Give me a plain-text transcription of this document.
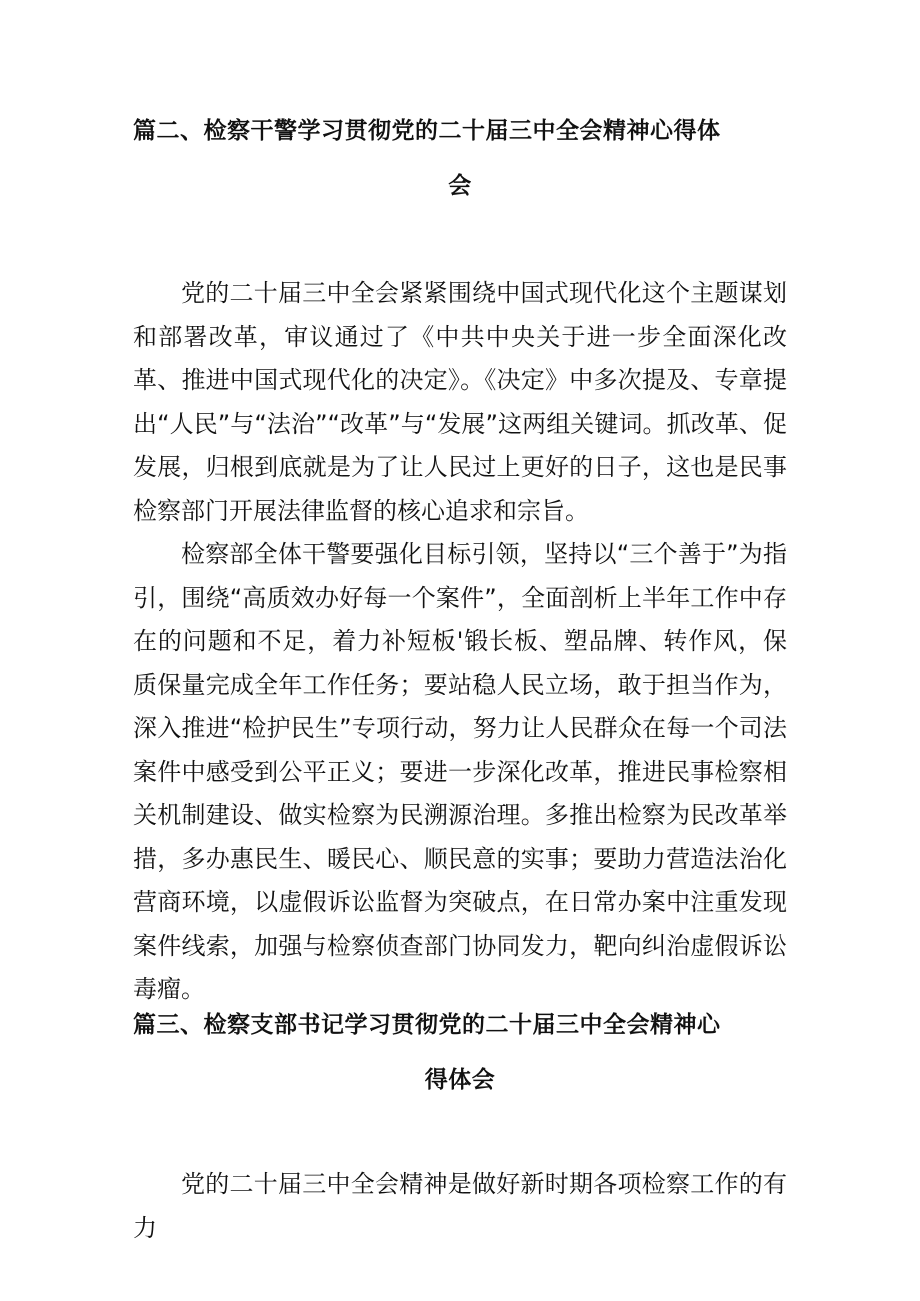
篇二、检察干警学习贯彻党的二十届三中全会精神心得体
会

党的二十届三中全会紧紧围绕中国式现代化这个主题谋划和部署改革，审议通过了《中共中央关于进一步全面深化改革、推进中国式现代化的决定》。《决定》中多次提及、专章提出“人民”与“法治”“改革”与“发展”这两组关键词。抓改革、促发展，归根到底就是为了让人民过上更好的日子，这也是民事检察部门开展法律监督的核心追求和宗旨。

检察部全体干警要强化目标引领，坚持以“三个善于”为指引，围绕“高质效办好每一个案件”，全面剖析上半年工作中存在的问题和不足，着力补短板'锻长板、塑品牌、转作风，保质保量完成全年工作任务；要站稳人民立场，敢于担当作为，深入推进“检护民生”专项行动，努力让人民群众在每一个司法案件中感受到公平正义；要进一步深化改革，推进民事检察相关机制建设、做实检察为民溯源治理。多推出检察为民改革举措，多办惠民生、暖民心、顺民意的实事；要助力营造法治化营商环境，以虚假诉讼监督为突破点，在日常办案中注重发现案件线索，加强与检察侦查部门协同发力，靶向纠治虚假诉讼毒瘤。

篇三、检察支部书记学习贯彻党的二十届三中全会精神心
得体会

党的二十届三中全会精神是做好新时期各项检察工作的有力
